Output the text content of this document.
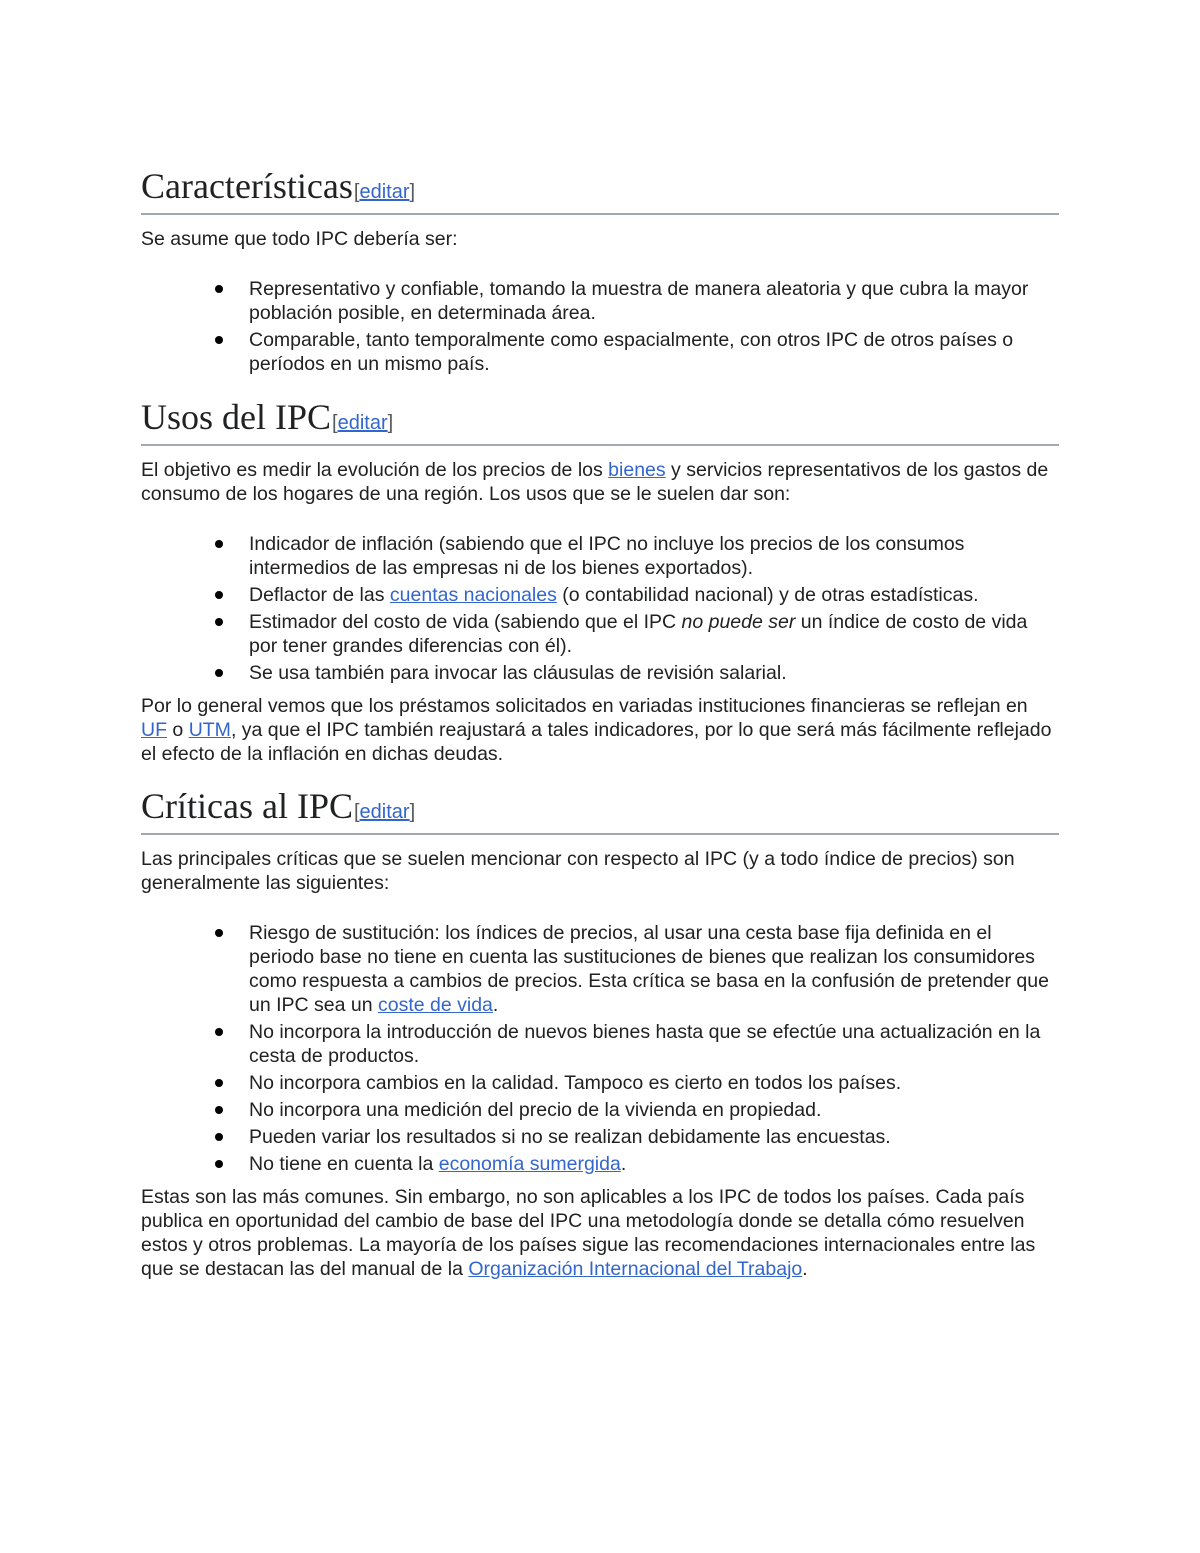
Características[editar]

Se asume que todo IPC debería ser:

Representativo y confiable, tomando la muestra de manera aleatoria y que cubra la mayor población posible, en determinada área.
Comparable, tanto temporalmente como espacialmente, con otros IPC de otros países o períodos en un mismo país.
Usos del IPC[editar]

El objetivo es medir la evolución de los precios de los bienes y servicios representativos de los gastos de consumo de los hogares de una región. Los usos que se le suelen dar son:

Indicador de inflación (sabiendo que el IPC no incluye los precios de los consumos intermedios de las empresas ni de los bienes exportados).
Deflactor de las cuentas nacionales (o contabilidad nacional) y de otras estadísticas.
Estimador del costo de vida (sabiendo que el IPC no puede ser un índice de costo de vida por tener grandes diferencias con él).
Se usa también para invocar las cláusulas de revisión salarial.

Por lo general vemos que los préstamos solicitados en variadas instituciones financieras se reflejan en UF o UTM, ya que el IPC también reajustará a tales indicadores, por lo que será más fácilmente reflejado el efecto de la inflación en dichas deudas.

Críticas al IPC[editar]

Las principales críticas que se suelen mencionar con respecto al IPC (y a todo índice de precios) son generalmente las siguientes:

Riesgo de sustitución: los índices de precios, al usar una cesta base fija definida en el periodo base no tiene en cuenta las sustituciones de bienes que realizan los consumidores como respuesta a cambios de precios. Esta crítica se basa en la confusión de pretender que un IPC sea un coste de vida.
No incorpora la introducción de nuevos bienes hasta que se efectúe una actualización en la cesta de productos.
No incorpora cambios en la calidad. Tampoco es cierto en todos los países.
No incorpora una medición del precio de la vivienda en propiedad.
Pueden variar los resultados si no se realizan debidamente las encuestas.
No tiene en cuenta la economía sumergida.

Estas son las más comunes. Sin embargo, no son aplicables a los IPC de todos los países. Cada país publica en oportunidad del cambio de base del IPC una metodología donde se detalla cómo resuelven estos y otros problemas. La mayoría de los países sigue las recomendaciones internacionales entre las que se destacan las del manual de la Organización Internacional del Trabajo.
